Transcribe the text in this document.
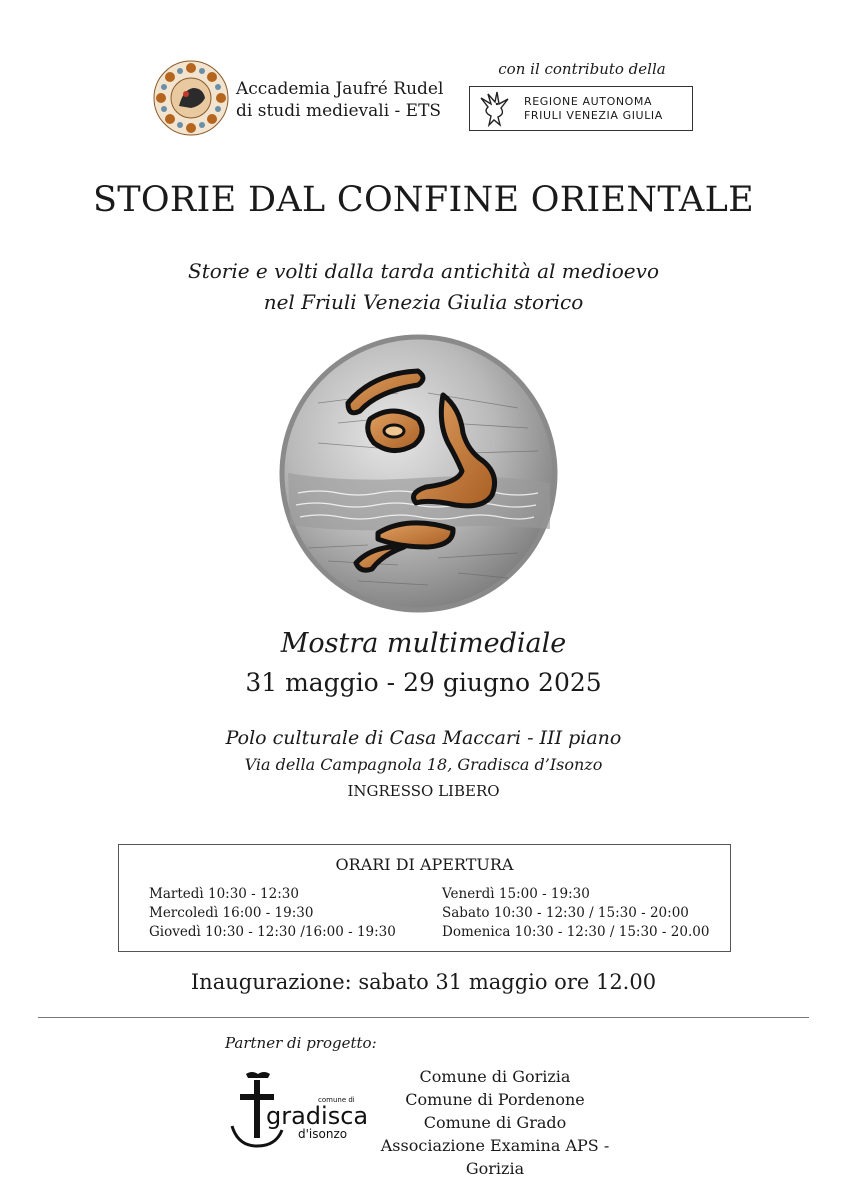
Accademia Jaufré Rudel
di studi medievali - ETS
con il contributo della
REGIONE AUTONOMA
FRIULI VENEZIA GIULIA
STORIE DAL CONFINE ORIENTALE
Storie e volti dalla tarda antichità al medioevo
nel Friuli Venezia Giulia storico
Mostra multimediale
31 maggio - 29 giugno 2025
Polo culturale di Casa Maccari - III piano
Via della Campagnola 18, Gradisca d’Isonzo
INGRESSO LIBERO
ORARI DI APERTURA
Martedì 10:30 - 12:30
Mercoledì 16:00 - 19:30
Giovedì 10:30 - 12:30 /16:00 - 19:30
Venerdì 15:00 - 19:30
Sabato 10:30 - 12:30 / 15:30 - 20:00
Domenica 10:30 - 12:30 / 15:30 - 20.00
Inaugurazione: sabato 31 maggio ore 12.00
Partner di progetto:
comune di
gradisca
d'isonzo
Comune di Gorizia
Comune di Pordenone
Comune di Grado
Associazione Examina APS - Gorizia
